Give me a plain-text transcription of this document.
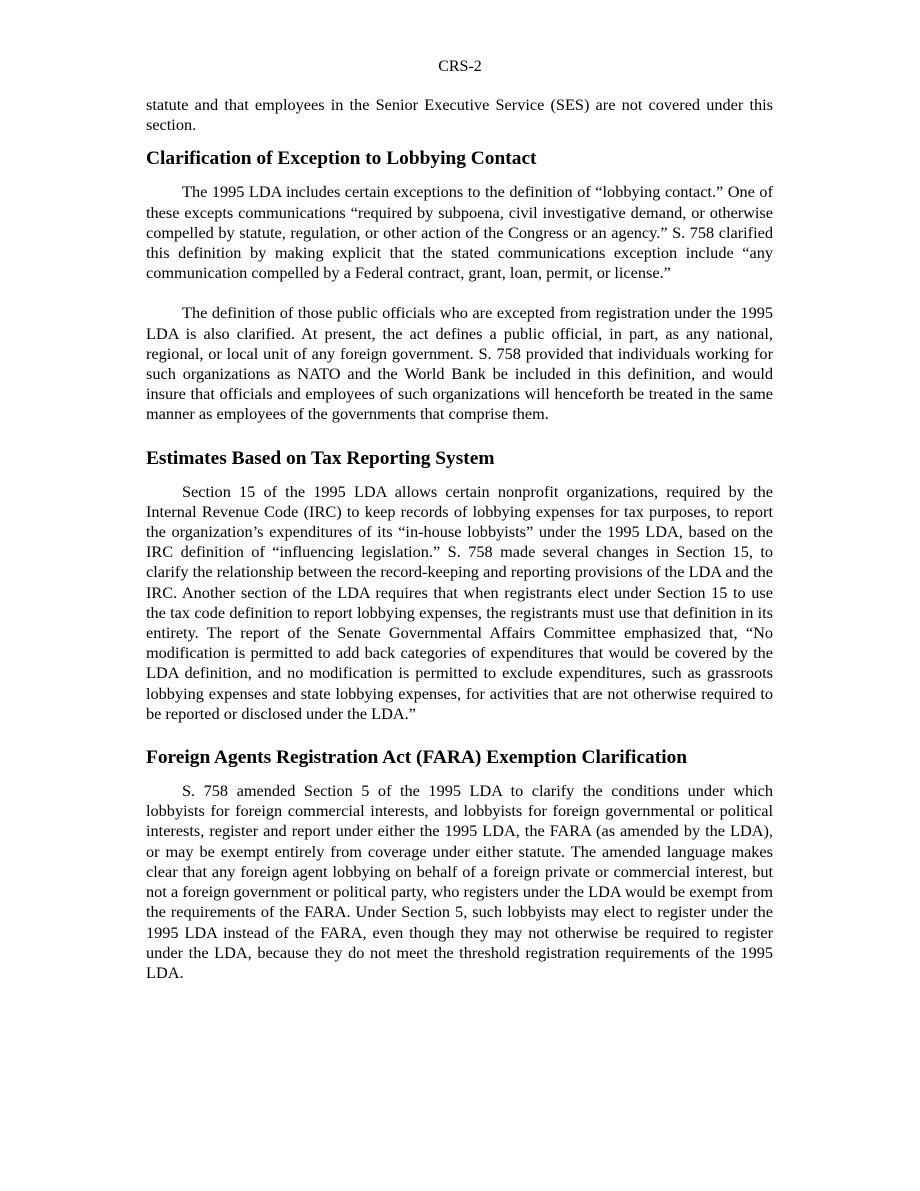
CRS-2

statute and that employees in the Senior Executive Service (SES) are not covered under this section.

Clarification of Exception to Lobbying Contact

The 1995 LDA includes certain exceptions to the definition of “lobbying contact.” One of these excepts communications “required by subpoena, civil investigative demand, or otherwise compelled by statute, regulation, or other action of the Congress or an agency.” S. 758 clarified this definition by making explicit that the stated communications exception include “any communication compelled by a Federal contract, grant, loan, permit, or license.”

The definition of those public officials who are excepted from registration under the 1995 LDA is also clarified. At present, the act defines a public official, in part, as any national, regional, or local unit of any foreign government. S. 758 provided that individuals working for such organizations as NATO and the World Bank be included in this definition, and would insure that officials and employees of such organizations will henceforth be treated in the same manner as employees of the governments that comprise them.

Estimates Based on Tax Reporting System

Section 15 of the 1995 LDA allows certain nonprofit organizations, required by the Internal Revenue Code (IRC) to keep records of lobbying expenses for tax purposes, to report the organization’s expenditures of its “in-house lobbyists” under the 1995 LDA, based on the IRC definition of “influencing legislation.” S. 758 made several changes in Section 15, to clarify the relationship between the record-keeping and reporting provisions of the LDA and the IRC. Another section of the LDA requires that when registrants elect under Section 15 to use the tax code definition to report lobbying expenses, the registrants must use that definition in its entirety. The report of the Senate Governmental Affairs Committee emphasized that, “No modification is permitted to add back categories of expenditures that would be covered by the LDA definition, and no modification is permitted to exclude expenditures, such as grassroots lobbying expenses and state lobbying expenses, for activities that are not otherwise required to be reported or disclosed under the LDA.”

Foreign Agents Registration Act (FARA) Exemption Clarification

S. 758 amended Section 5 of the 1995 LDA to clarify the conditions under which lobbyists for foreign commercial interests, and lobbyists for foreign governmental or political interests, register and report under either the 1995 LDA, the FARA (as amended by the LDA), or may be exempt entirely from coverage under either statute. The amended language makes clear that any foreign agent lobbying on behalf of a foreign private or commercial interest, but not a foreign government or political party, who registers under the LDA would be exempt from the requirements of the FARA. Under Section 5, such lobbyists may elect to register under the 1995 LDA instead of the FARA, even though they may not otherwise be required to register under the LDA, because they do not meet the threshold registration requirements of the 1995 LDA.
